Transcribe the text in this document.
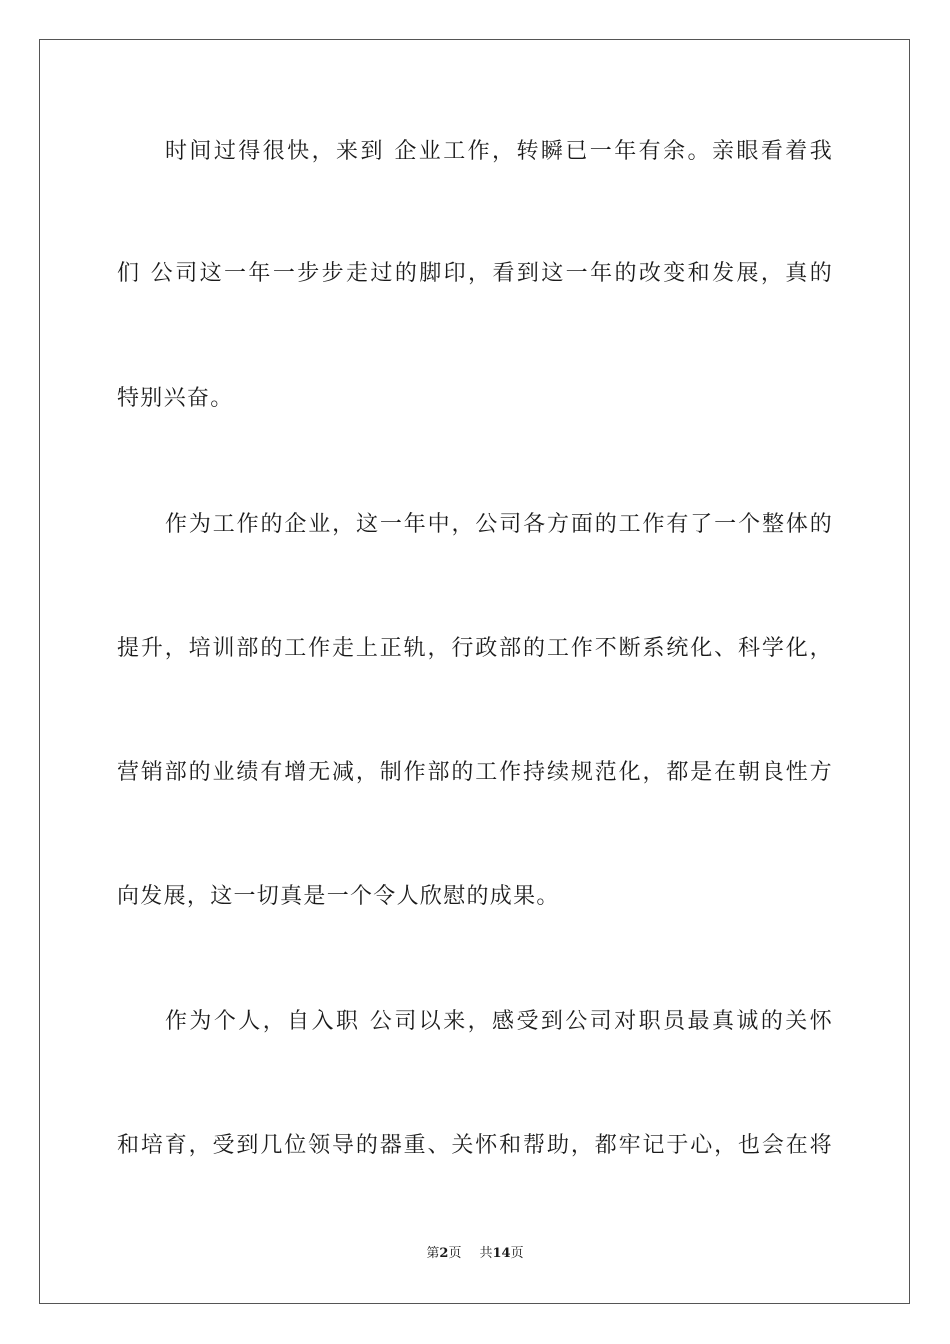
时间过得很快，来到 企业工作，转瞬已一年有余。亲眼看着我
们 公司这一年一步步走过的脚印，看到这一年的改变和发展，真的
特别兴奋。
作为工作的企业，这一年中，公司各方面的工作有了一个整体的
提升，培训部的工作走上正轨，行政部的工作不断系统化、科学化，
营销部的业绩有增无减，制作部的工作持续规范化，都是在朝良性方
向发展，这一切真是一个令人欣慰的成果。
作为个人，自入职 公司以来，感受到公司对职员最真诚的关怀
和培育，受到几位领导的器重、关怀和帮助，都牢记于心，也会在将
第2页 共14页
